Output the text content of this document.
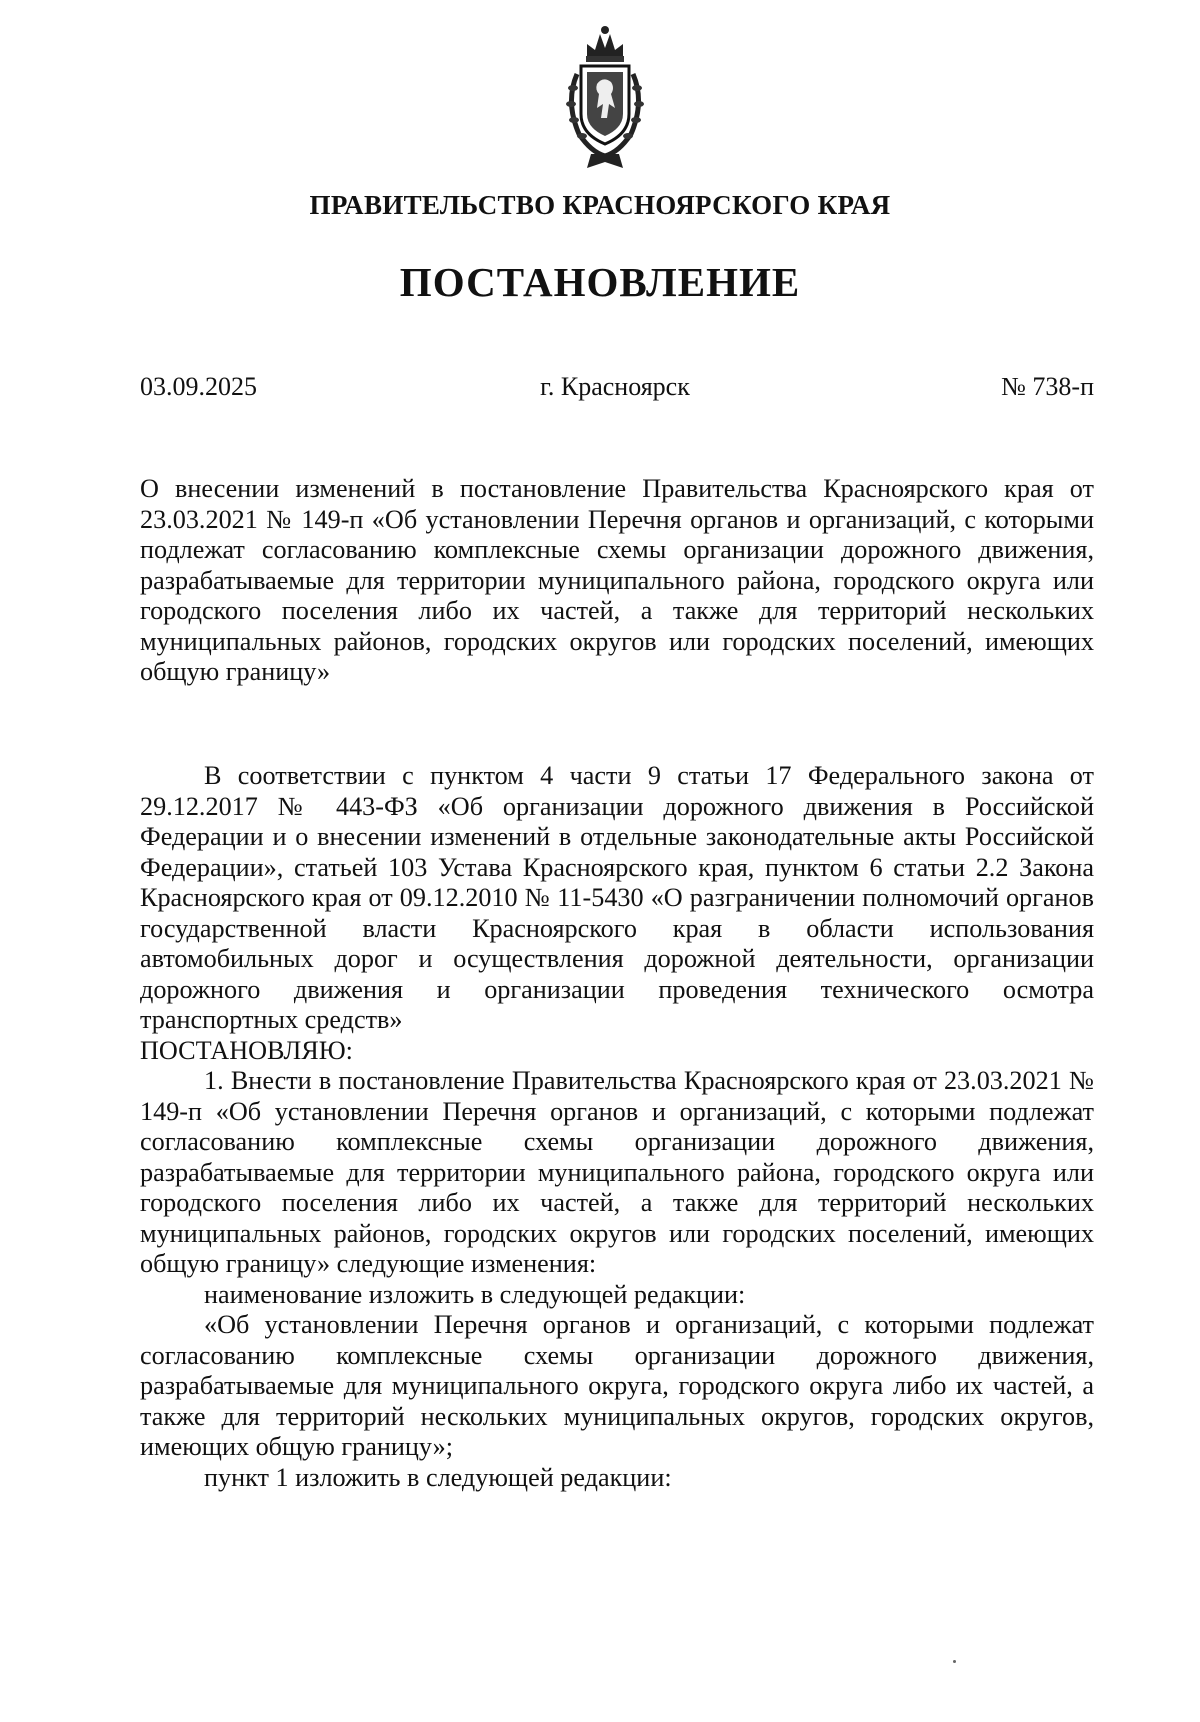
ПРАВИТЕЛЬСТВО КРАСНОЯРСКОГО КРАЯ
ПОСТАНОВЛЕНИЕ
03.09.2025	г. Красноярск	№ 738-п

О внесении изменений в постановление Правительства Красноярского края от 23.03.2021 № 149-п «Об установлении Перечня органов и организаций, с которыми подлежат согласованию комплексные схемы организации дорожного движения, разрабатываемые для территории муниципального района, городского округа или городского поселения либо их частей, а также для территорий нескольких муниципальных районов, городских округов или городских поселений, имеющих общую границу»

В соответствии с пунктом 4 части 9 статьи 17 Федерального закона от 29.12.2017 № 443-ФЗ «Об организации дорожного движения в Российской Федерации и о внесении изменений в отдельные законодательные акты Российской Федерации», статьей 103 Устава Красноярского края, пунктом 6 статьи 2.2 Закона Красноярского края от 09.12.2010 № 11-5430 «О разграничении полномочий органов государственной власти Красноярского края в области использования автомобильных дорог и осуществления дорожной деятельности, организации дорожного движения и организации проведения технического осмотра транспортных средств»

ПОСТАНОВЛЯЮ:

1. Внести в постановление Правительства Красноярского края от 23.03.2021 № 149-п «Об установлении Перечня органов и организаций, с которыми подлежат согласованию комплексные схемы организации дорожного движения, разрабатываемые для территории муниципального района, городского округа или городского поселения либо их частей, а также для территорий нескольких муниципальных районов, городских округов или городских поселений, имеющих общую границу» следующие изменения:

наименование изложить в следующей редакции:

«Об установлении Перечня органов и организаций, с которыми подлежат согласованию комплексные схемы организации дорожного движения, разрабатываемые для муниципального округа, городского округа либо их частей, а также для территорий нескольких муниципальных округов, городских округов, имеющих общую границу»;

пункт 1 изложить в следующей редакции:
